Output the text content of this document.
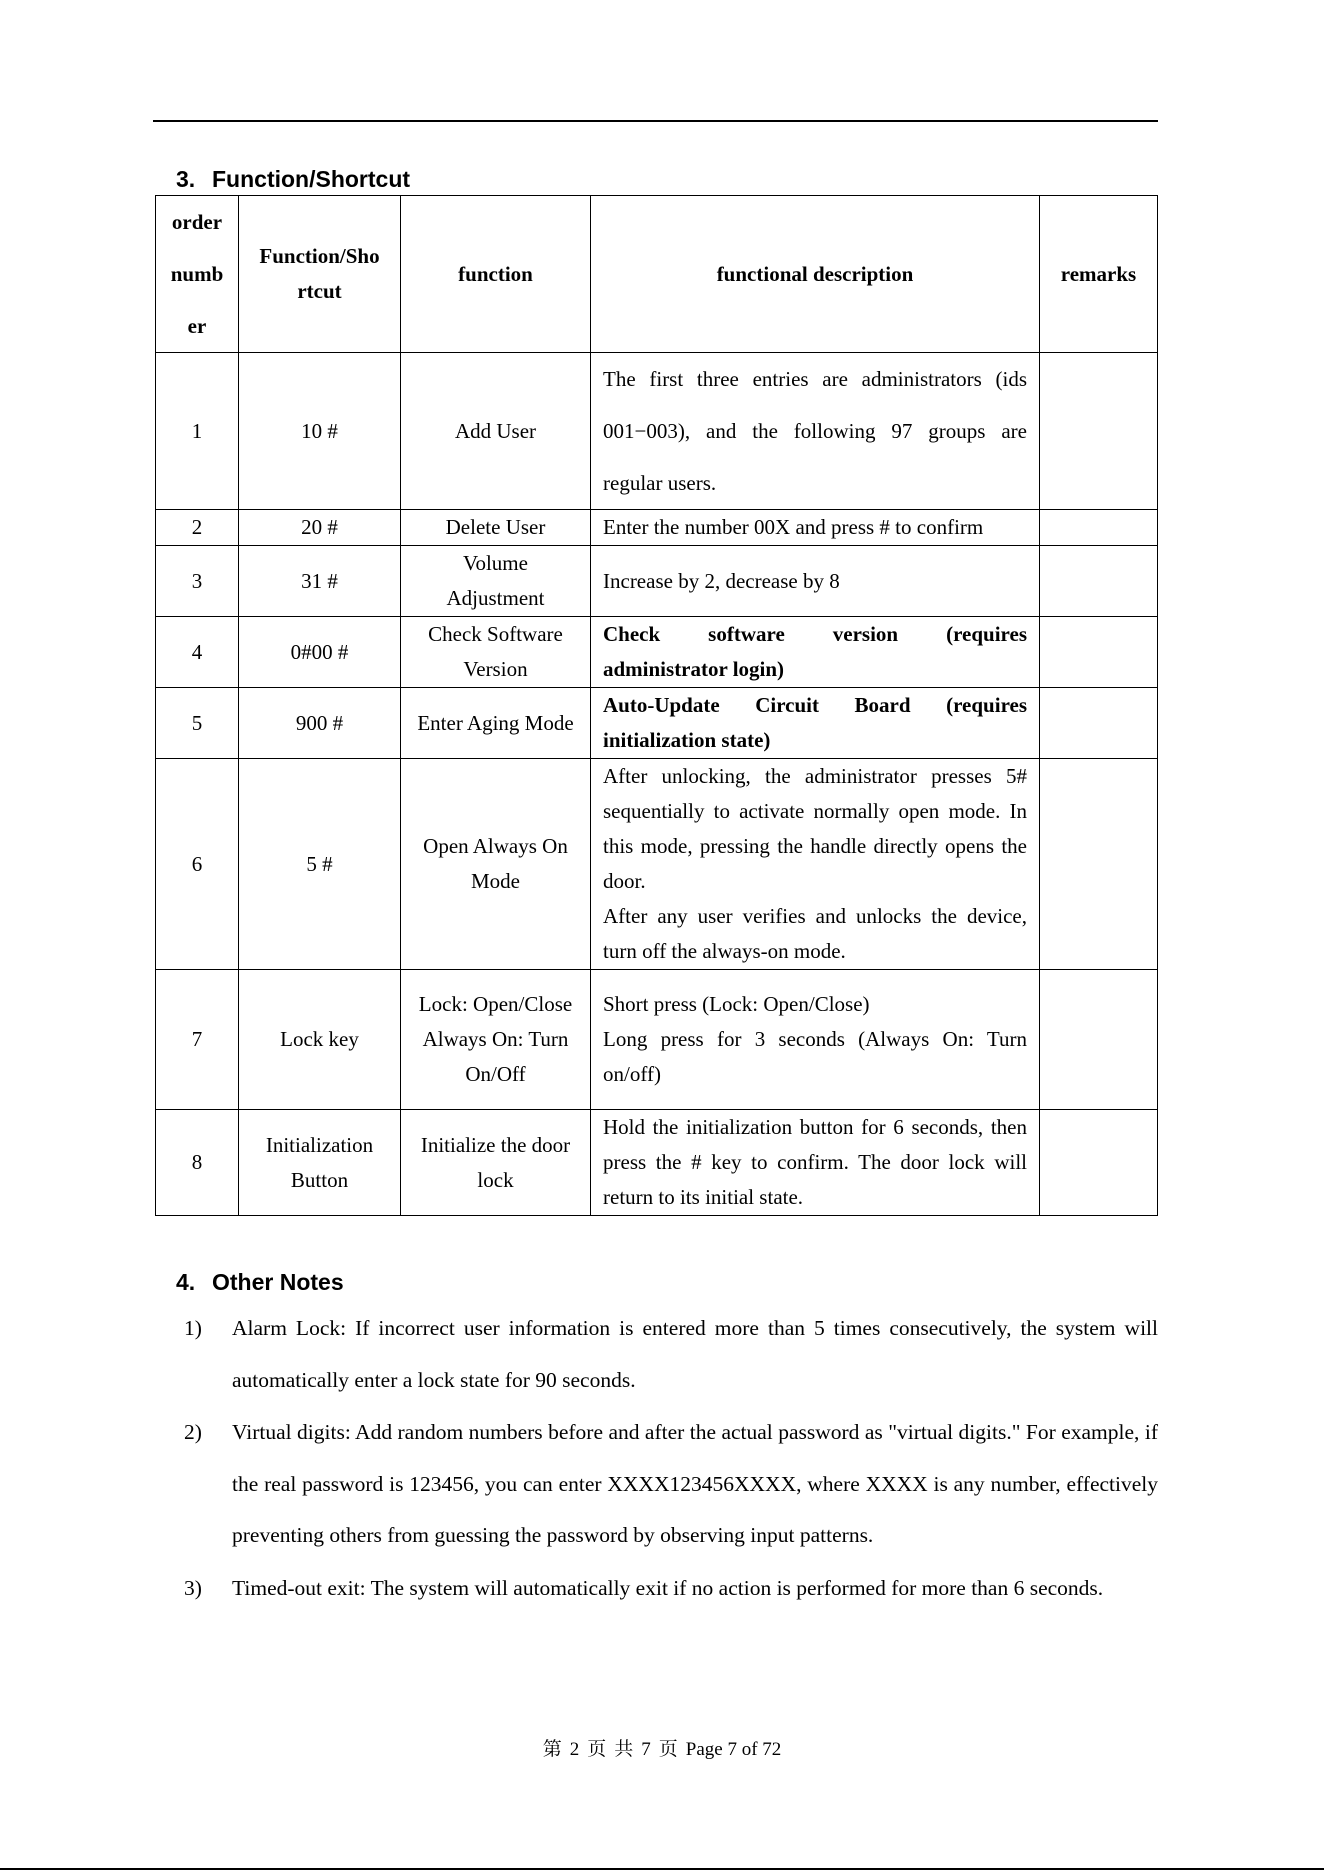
3. Function/Shortcut
order numb er	Function/Sho rtcut	function	functional description	remarks
1	10 #	Add User	The first three entries are administrators (ids 001−003), and the following 97 groups are regular users.	
2	20 #	Delete User	Enter the number 00X and press # to confirm	
3	31 #	Volume Adjustment	Increase by 2, decrease by 8	
4	0#00 #	Check Software Version	Check software version (requires administrator login)	
5	900 #	Enter Aging Mode	Auto-Update Circuit Board (requires initialization state)	
6	5 #	Open Always On Mode	After unlocking, the administrator presses 5# sequentially to activate normally open mode. In this mode, pressing the handle directly opens the door.
After any user verifies and unlocks the device, turn off the always-on mode.	

7	Lock key	Lock: Open/Close Always On: Turn On/Off	Short press (Lock: Open/Close)
Long press for 3 seconds (Always On: Turn on/off)	

8	Initialization Button	Initialize the door lock	Hold the initialization button for 6 seconds, then press the # key to confirm. The door lock will return to its initial state.	
4. Other Notes
1) Alarm Lock: If incorrect user information is entered more than 5 times consecutively, the system will automatically enter a lock state for 90 seconds.
2) Virtual digits: Add random numbers before and after the actual password as "virtual digits." For example, if the real password is 123456, you can enter XXXX123456XXXX, where XXXX is any number, effectively preventing others from guessing the password by observing input patterns.
3) Timed-out exit: The system will automatically exit if no action is performed for more than 6 seconds.
第 2 页 共 7 页 Page 7 of 72
